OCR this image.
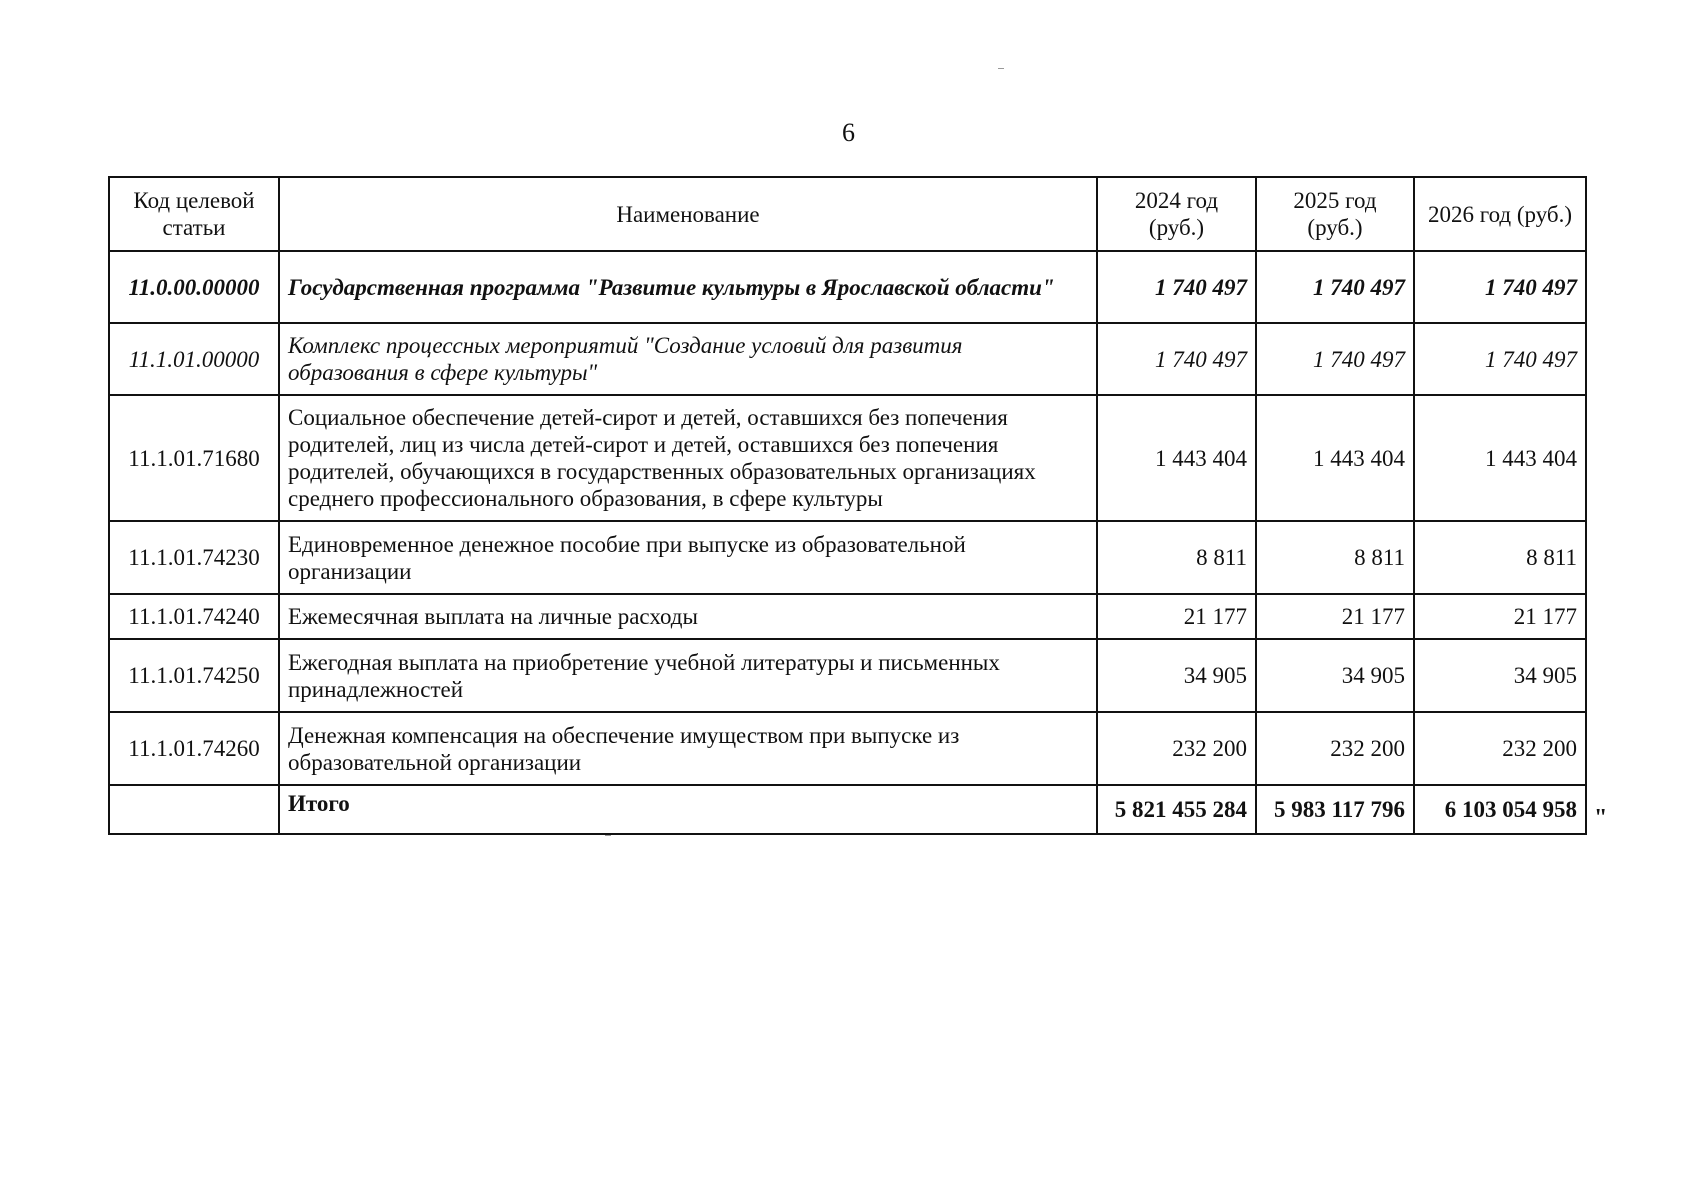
6
Код целевой статьи	Наименование	2024 год (руб.)	2025 год (руб.)	2026 год (руб.)
11.0.00.00000	Государственная программа "Развитие культуры в Ярославской области"	1 740 497	1 740 497	1 740 497
11.1.01.00000	Комплекс процессных мероприятий "Создание условий для развития образования в сфере культуры"	1 740 497	1 740 497	1 740 497
11.1.01.71680	Социальное обеспечение детей-сирот и детей, оставшихся без попечения родителей, лиц из числа детей-сирот и детей, оставшихся без попечения родителей, обучающихся в государственных образовательных организациях среднего профессионального образования, в сфере культуры	1 443 404	1 443 404	1 443 404
11.1.01.74230	Единовременное денежное пособие при выпуске из образовательной организации	8 811	8 811	8 811
11.1.01.74240	Ежемесячная выплата на личные расходы	21 177	21 177	21 177
11.1.01.74250	Ежегодная выплата на приобретение учебной литературы и письменных принадлежностей	34 905	34 905	34 905
11.1.01.74260	Денежная компенсация на обеспечение имуществом при выпуске из образовательной организации	232 200	232 200	232 200
	Итого	5 821 455 284	5 983 117 796	6 103 054 958 "
